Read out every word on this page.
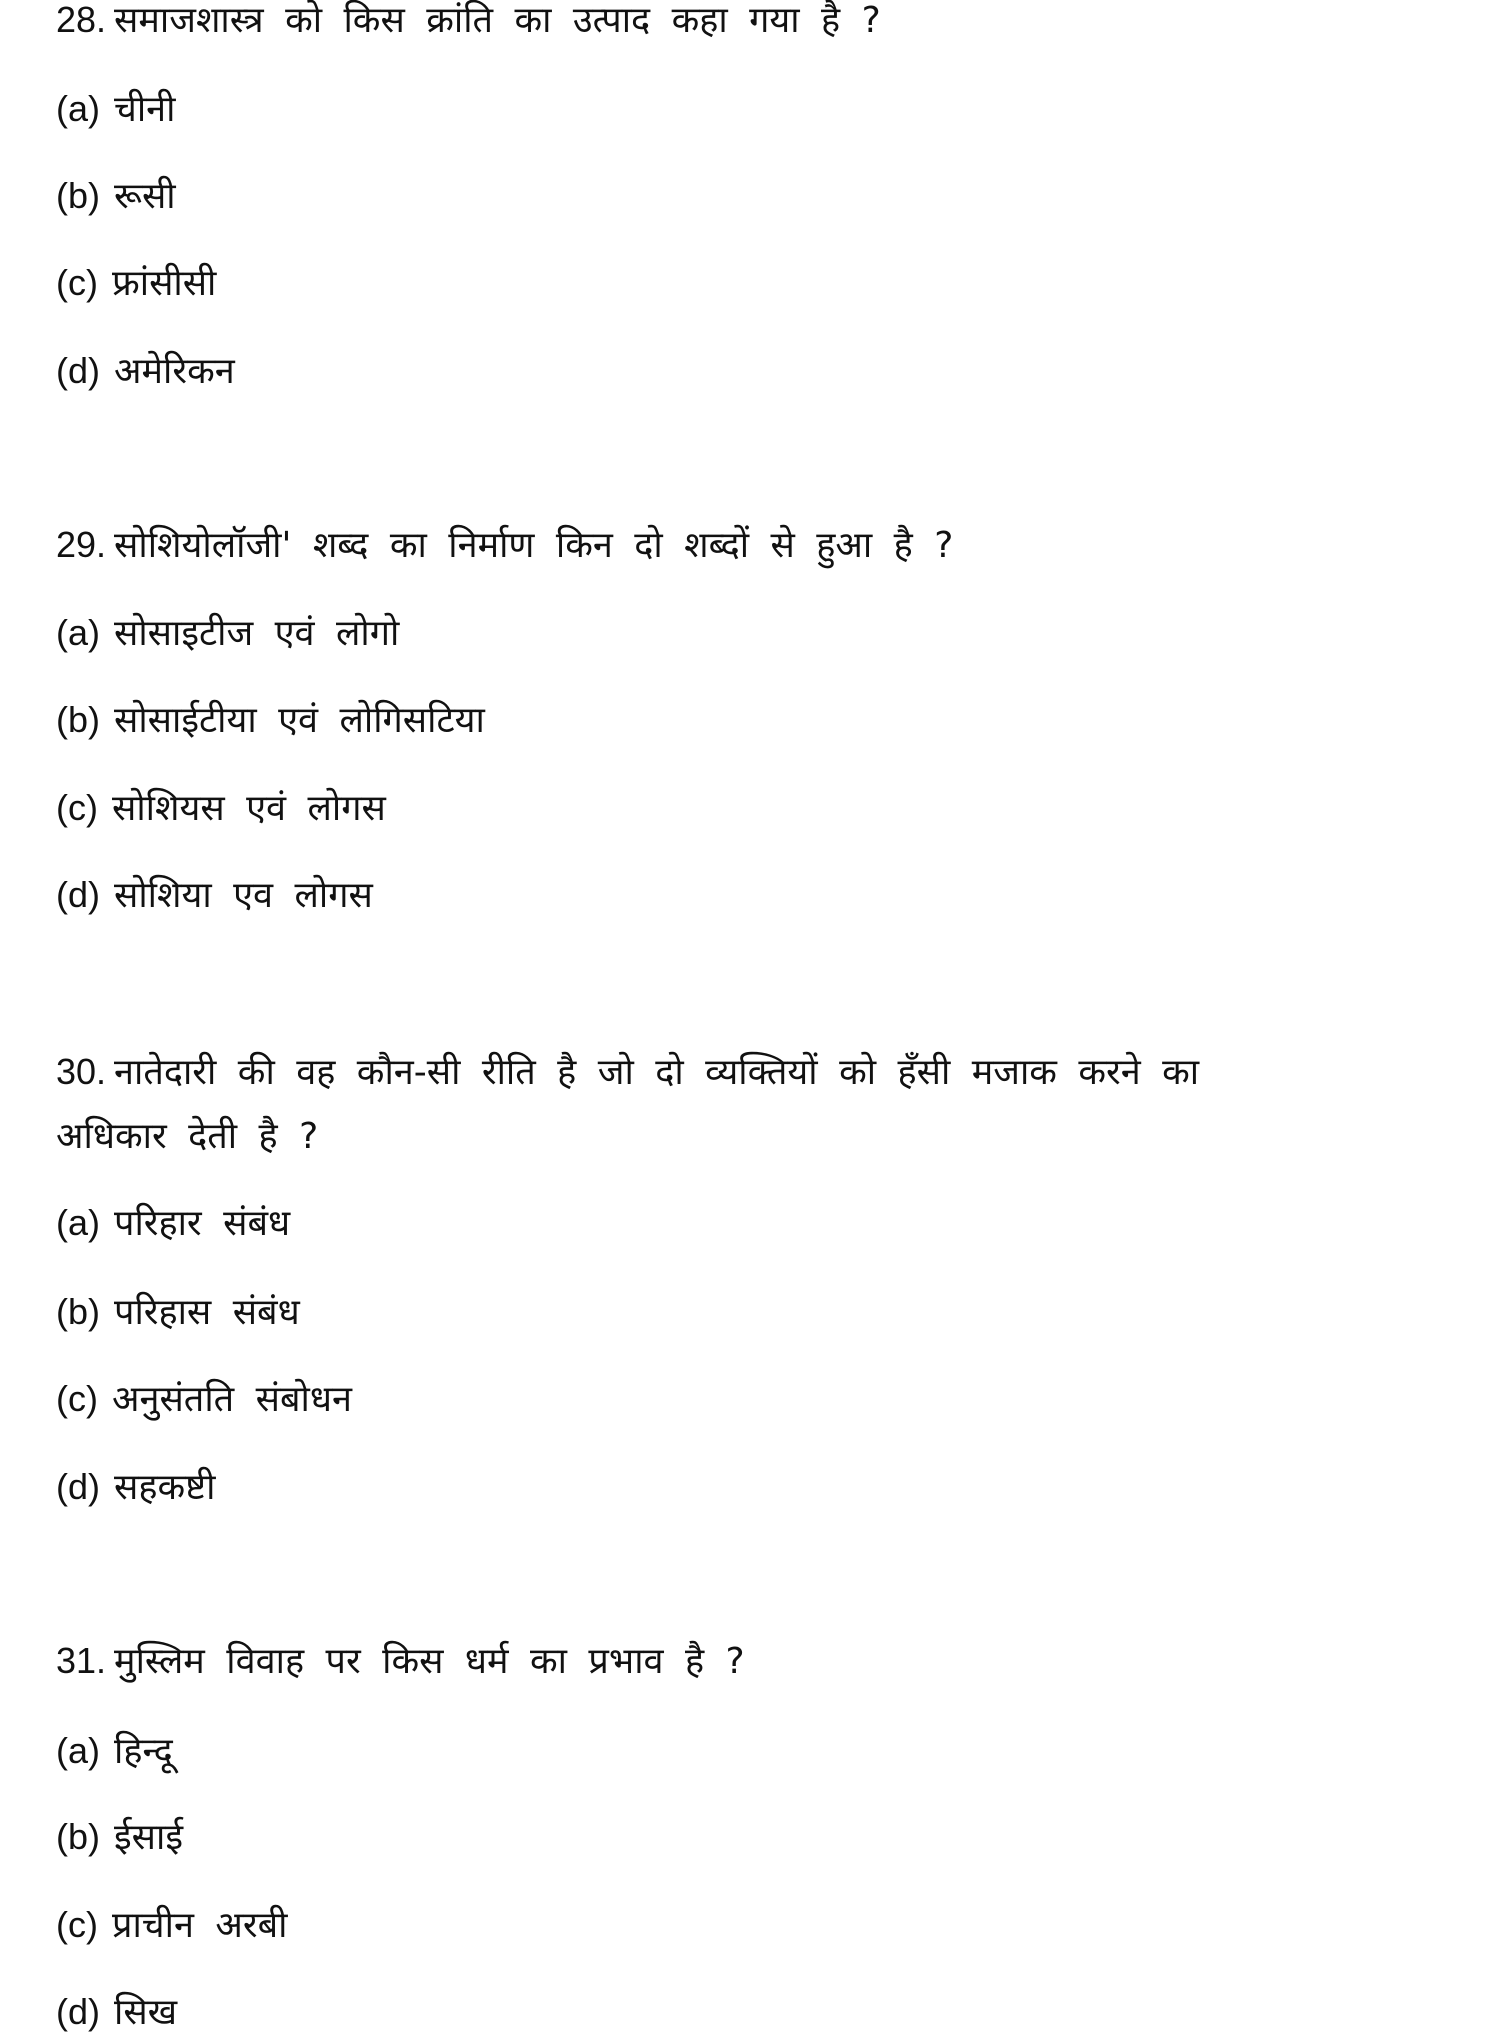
28. समाजशास्त्र को किस क्रांति का उत्पाद कहा गया है ?
(a) चीनी
(b) रूसी
(c) फ्रांसीसी
(d) अमेरिकन
29. सोशियोलॉजी' शब्द का निर्माण किन दो शब्दों से हुआ है ?
(a) सोसाइटीज एवं लोगो
(b) सोसाईटीया एवं लोगिसटिया
(c) सोशियस एवं लोगस
(d) सोशिया एव लोगस
30. नातेदारी की वह कौन-सी रीति है जो दो व्यक्तियों को हँसी मजाक करने का
अधिकार देती है ?
(a) परिहार संबंध
(b) परिहास संबंध
(c) अनुसंतति संबोधन
(d) सहकष्टी
31. मुस्लिम विवाह पर किस धर्म का प्रभाव है ?
(a) हिन्दू
(b) ईसाई
(c) प्राचीन अरबी
(d) सिख
